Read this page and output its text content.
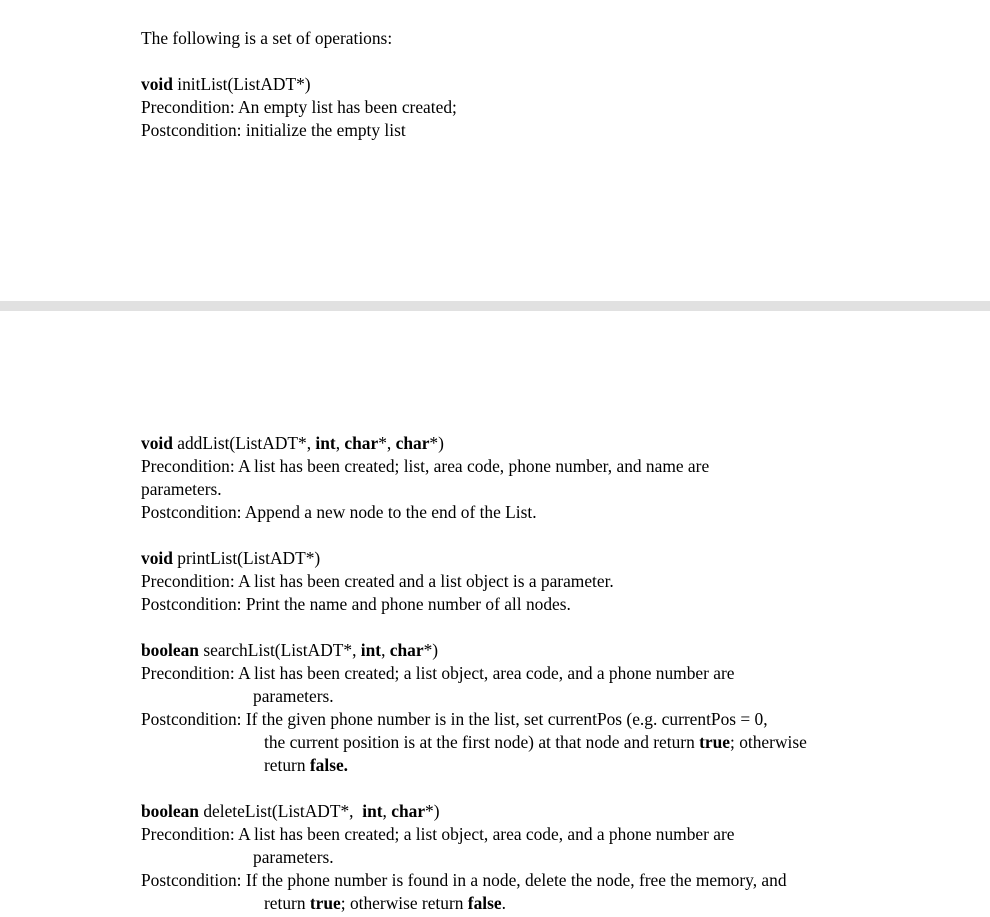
The following is a set of operations:
void initList(ListADT*)
Precondition: An empty list has been created;
Postcondition: initialize the empty list
void addList(ListADT*, int, char*, char*)
Precondition: A list has been created; list, area code, phone number, and name are
parameters.
Postcondition: Append a new node to the end of the List.
void printList(ListADT*)
Precondition: A list has been created and a list object is a parameter.
Postcondition: Print the name and phone number of all nodes.
boolean searchList(ListADT*, int, char*)
Precondition: A list has been created; a list object, area code, and a phone number are
parameters.
Postcondition: If the given phone number is in the list, set currentPos (e.g. currentPos = 0,
the current position is at the first node) at that node and return true; otherwise
return false.
boolean deleteList(ListADT*,  int, char*)
Precondition: A list has been created; a list object, area code, and a phone number are
parameters.
Postcondition: If the phone number is found in a node, delete the node, free the memory, and
return true; otherwise return false.
